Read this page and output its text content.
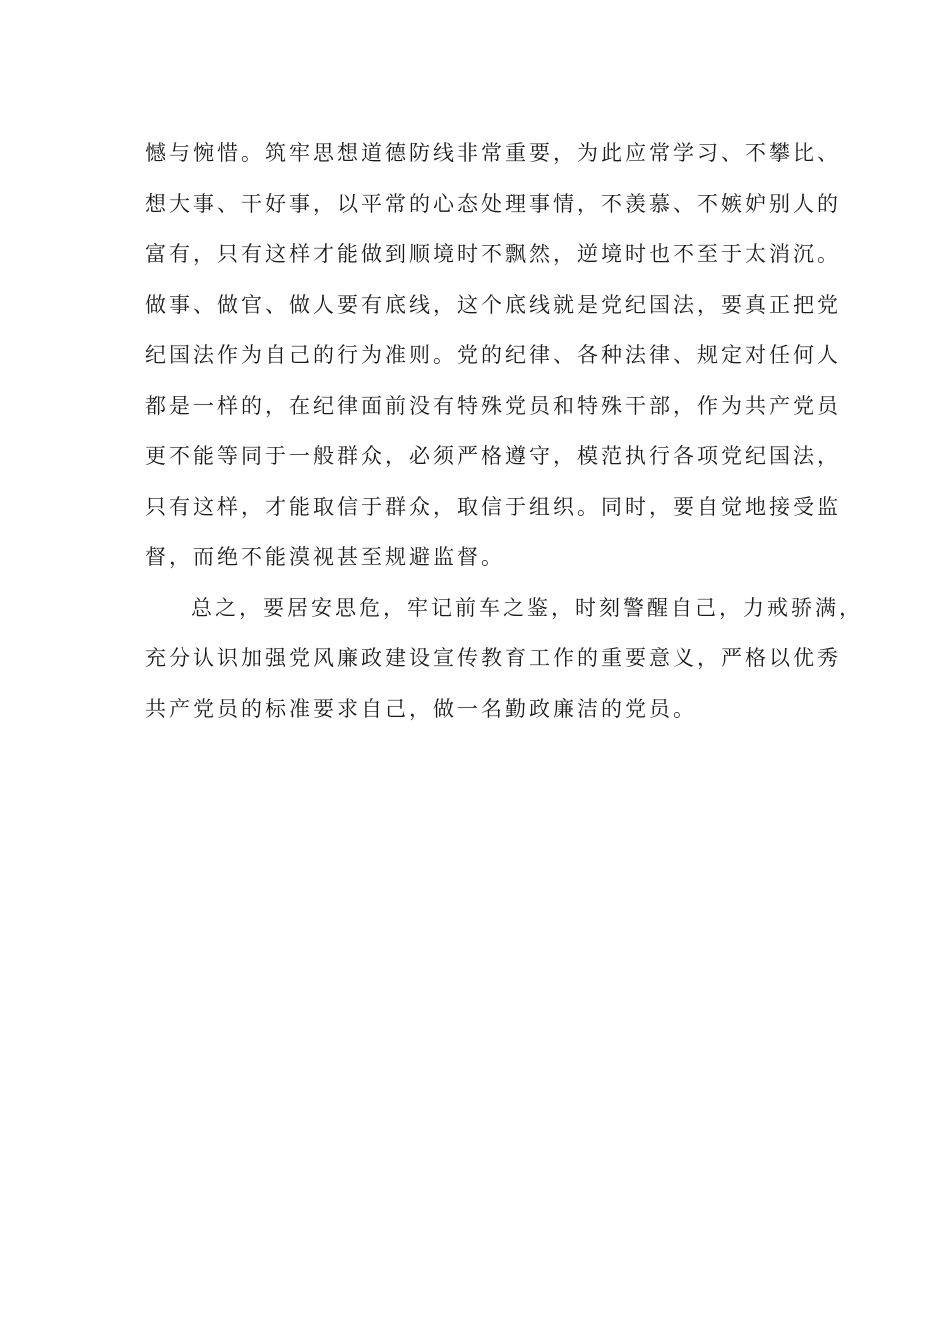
憾与惋惜。筑牢思想道德防线非常重要，为此应常学习、不攀比、
想大事、干好事，以平常的心态处理事情，不羡慕、不嫉妒别人的
富有，只有这样才能做到顺境时不飘然，逆境时也不至于太消沉。
做事、做官、做人要有底线，这个底线就是党纪国法，要真正把党
纪国法作为自己的行为准则。党的纪律、各种法律、规定对任何人
都是一样的，在纪律面前没有特殊党员和特殊干部，作为共产党员
更不能等同于一般群众，必须严格遵守，模范执行各项党纪国法，
只有这样，才能取信于群众，取信于组织。同时，要自觉地接受监
督，而绝不能漠视甚至规避监督。
总之，要居安思危，牢记前车之鉴，时刻警醒自己，力戒骄满，
充分认识加强党风廉政建设宣传教育工作的重要意义，严格以优秀
共产党员的标准要求自己，做一名勤政廉洁的党员。
